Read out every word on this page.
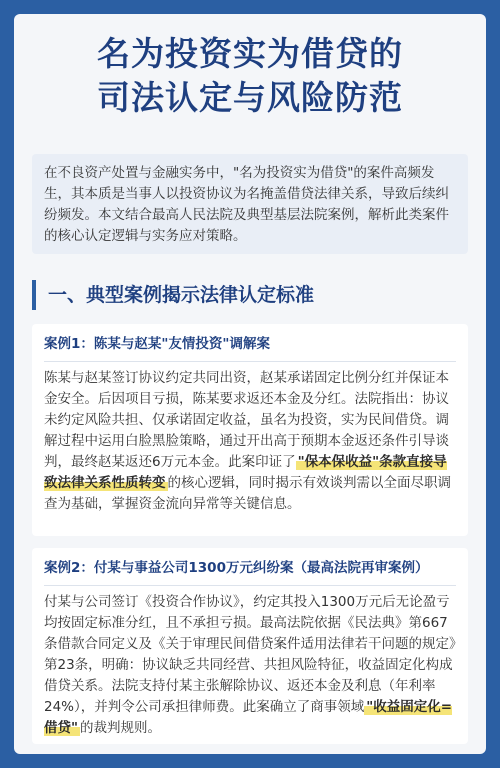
名为投资实为借贷的
司法认定与风险防范
在不良资产处置与金融实务中，"名为投资实为借贷"的案件高频发生，其本质是当事人以投资协议为名掩盖借贷法律关系，导致后续纠纷频发。本文结合最高人民法院及典型基层法院案例，解析此类案件的核心认定逻辑与实务应对策略。
一、典型案例揭示法律认定标准
案例1：陈某与赵某"友情投资"调解案
陈某与赵某签订协议约定共同出资，赵某承诺固定比例分红并保证本金安全。后因项目亏损，陈某要求返还本金及分红。法院指出：协议未约定风险共担、仅承诺固定收益，虽名为投资，实为民间借贷。调解过程中运用白脸黑脸策略，通过开出高于预期本金返还条件引导谈判，最终赵某返还6万元本金。此案印证了 "保本保收益"条款直接导致法律关系性质转变 的核心逻辑，同时揭示有效谈判需以全面尽职调查为基础，掌握资金流向异常等关键信息。
案例2：付某与事益公司1300万元纠纷案（最高法院再审案例）
付某与公司签订《投资合作协议》，约定其投入1300万元后无论盈亏均按固定标准分红，且不承担亏损。最高法院依据《民法典》第667条借款合同定义及《关于审理民间借贷案件适用法律若干问题的规定》第23条，明确：协议缺乏共同经营、共担风险特征，收益固定化构成借贷关系。法院支持付某主张解除协议、返还本金及利息（年利率24%），并判令公司承担律师费。此案确立了商事领域 "收益固定化=借贷" 的裁判规则。
